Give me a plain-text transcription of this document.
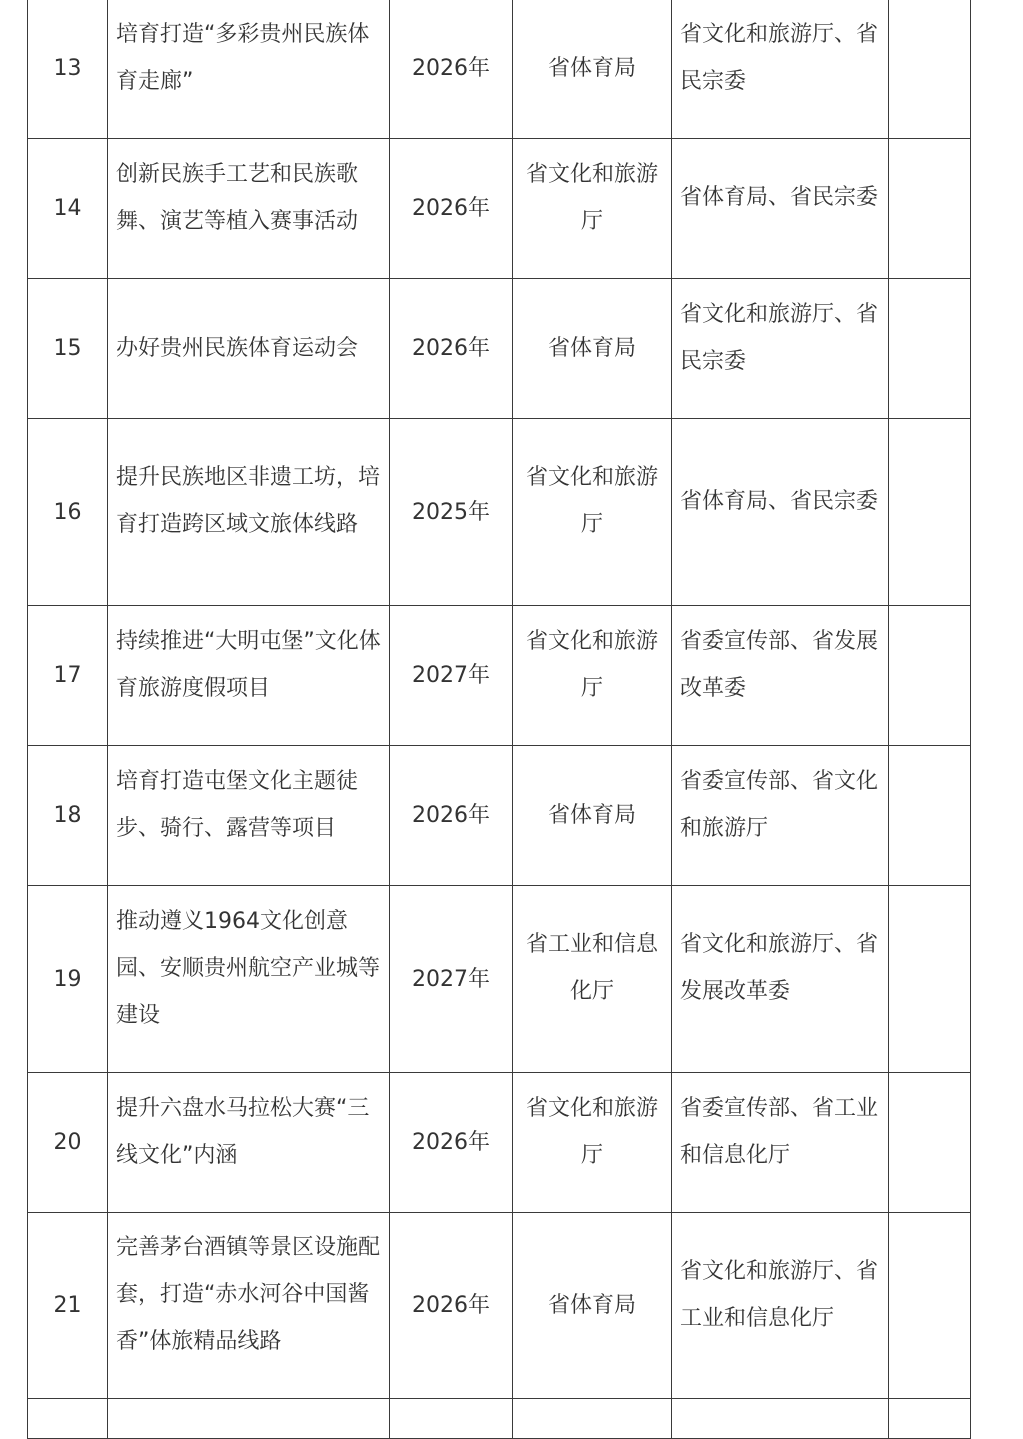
13	培育打造“多彩贵州民族体育走廊”	2026年	省体育局	省文化和旅游厅、省民宗委	

14	创新民族手工艺和民族歌舞、演艺等植入赛事活动	2026年	省文化和旅游厅	省体育局、省民宗委	

15	办好贵州民族体育运动会	2026年	省体育局	省文化和旅游厅、省民宗委	

16	提升民族地区非遗工坊，培育打造跨区域文旅体线路	2025年	省文化和旅游厅	省体育局、省民宗委	

17	持续推进“大明屯堡”文化体育旅游度假项目	2027年	省文化和旅游厅	省委宣传部、省发展改革委	

18	培育打造屯堡文化主题徒步、骑行、露营等项目	2026年	省体育局	省委宣传部、省文化和旅游厅	

19	推动遵义1964文化创意园、安顺贵州航空产业城等建设	2027年	省工业和信息化厅	省文化和旅游厅、省发展改革委	

20	提升六盘水马拉松大赛“三线文化”内涵	2026年	省文化和旅游厅	省委宣传部、省工业和信息化厅	

21	完善茅台酒镇等景区设施配套，打造“赤水河谷中国酱香”体旅精品线路	2026年	省体育局	省文化和旅游厅、省工业和信息化厅	
